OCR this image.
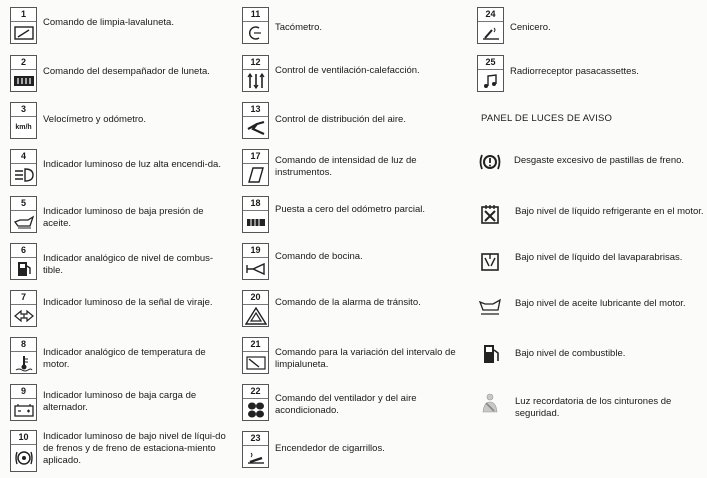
1
Comando de limpia-lavaluneta.
2
Comando del desempañador de luneta.
3
km/h
Velocímetro y odómetro.
4
Indicador luminoso de luz alta encendi-da.
5
Indicador luminoso de baja presión de aceite.
6
Indicador analógico de nivel de combus-tible.
7	Indicador luminoso de la señal de viraje.
8
Indicador analógico de temperatura de motor.
9	Indicador luminoso de baja carga de alternador.
10	Indicador luminoso de bajo nivel de líqui-do de frenos y de freno de estaciona-miento aplicado.
11
Tacómetro.
12
Control de ventilación-calefacción.
13
Control de distribución del aire.
17	Comando de intensidad de luz de instrumentos.
18
Puesta a cero del odómetro parcial.
19
Comando de bocina.
20	Comando de la alarma de tránsito.
21
Comando para la variación del intervalo de limpialuneta.
22
Comando del ventilador y del aire acondicionado.
23
Encendedor de cigarrillos.
24
Cenicero.
25
Radiorreceptor pasacassettes.
PANEL DE LUCES DE AVISO
Desgaste excesivo de pastillas de freno.
Bajo nivel de líquido refrigerante en el motor.
Bajo nivel de líquido del lavaparabrisas.
Bajo nivel de aceite lubricante del motor.
Bajo nivel de combustible.
Luz recordatoria de los cinturones de seguridad.
